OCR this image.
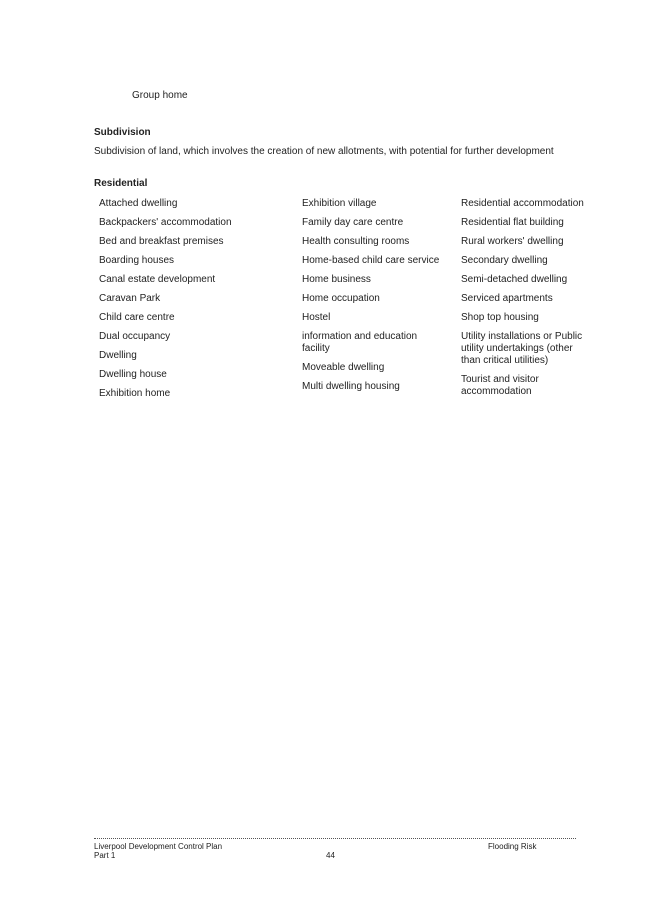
Group home
Subdivision
Subdivision of land, which involves the creation of new allotments, with potential for further development
Residential
Attached dwelling
Backpackers' accommodation
Bed and breakfast premises
Boarding houses
Canal estate development
Caravan Park
Child care centre
Dual occupancy
Dwelling
Dwelling house
Exhibition home
Exhibition village
Family day care centre
Health consulting rooms
Home-based child care service
Home business
Home occupation
Hostel
information and education facility
Moveable dwelling
Multi dwelling housing
Residential accommodation
Residential flat building
Rural workers' dwelling
Secondary dwelling
Semi-detached dwelling
Serviced apartments
Shop top housing
Utility installations or Public utility undertakings (other than critical utilities)
Tourist and visitor accommodation
Liverpool Development Control Plan
Part 1	44
Flooding Risk
